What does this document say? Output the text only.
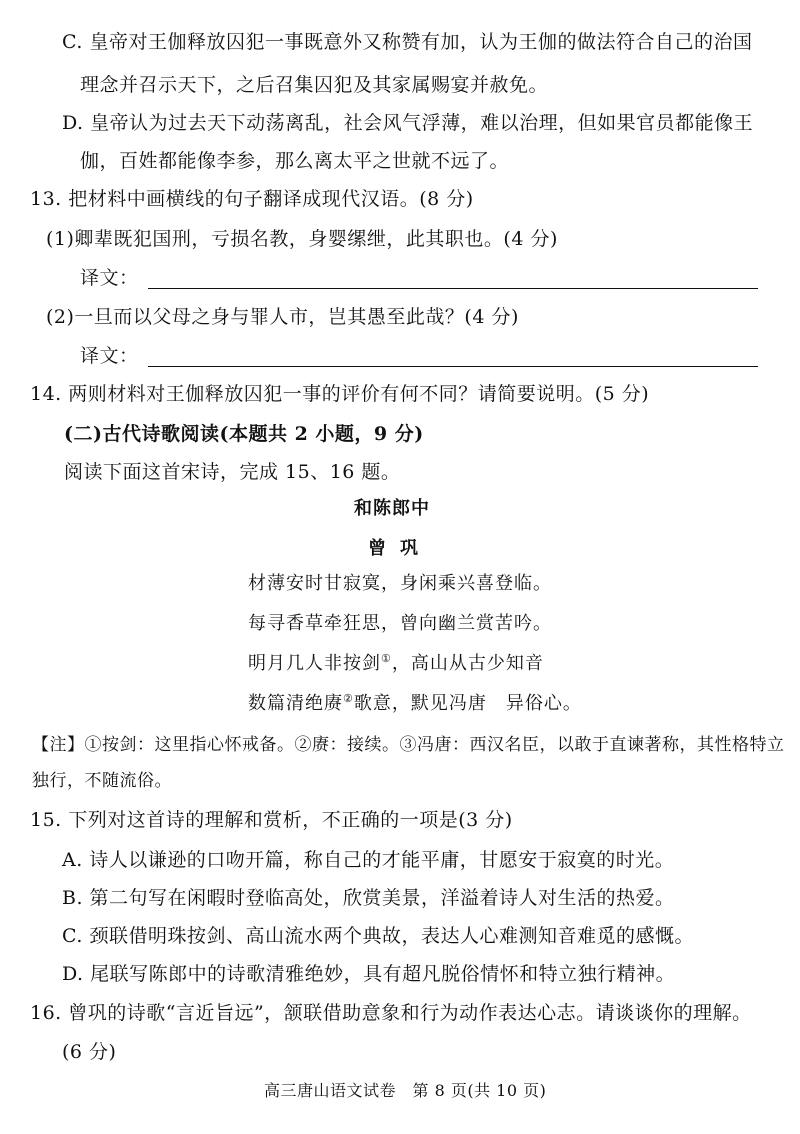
C. 皇帝对王伽释放囚犯一事既意外又称赞有加，认为王伽的做法符合自己的治国
理念并召示天下，之后召集囚犯及其家属赐宴并赦免。
D. 皇帝认为过去天下动荡离乱，社会风气浮薄，难以治理，但如果官员都能像王
伽，百姓都能像李参，那么离太平之世就不远了。
13. 把材料中画横线的句子翻译成现代汉语。(8 分)
(1)卿辈既犯国刑，亏损名教，身婴缧绁，此其职也。(4 分)
译文：
(2)一旦而以父母之身与罪人市，岂其愚至此哉？(4 分)
译文：
14. 两则材料对王伽释放囚犯一事的评价有何不同？请简要说明。(5 分)
(二)古代诗歌阅读(本题共 2 小题，9 分)
阅读下面这首宋诗，完成 15、16 题。
和陈郎中
曾巩
材薄安时甘寂寞，身闲乘兴喜登临。
每寻香草牵狂思，曾向幽兰赏苦吟。
明月几人非按剑①，高山从古少知音
数篇清绝赓②歌意，默见冯唐　异俗心。
【注】①按剑：这里指心怀戒备。②赓：接续。③冯唐：西汉名臣，以敢于直谏著称，其性格特立
独行，不随流俗。
15. 下列对这首诗的理解和赏析，不正确的一项是(3 分)
A. 诗人以谦逊的口吻开篇，称自己的才能平庸，甘愿安于寂寞的时光。
B. 第二句写在闲暇时登临高处，欣赏美景，洋溢着诗人对生活的热爱。
C. 颈联借明珠按剑、高山流水两个典故，表达人心难测知音难觅的感慨。
D. 尾联写陈郎中的诗歌清雅绝妙，具有超凡脱俗情怀和特立独行精神。
16. 曾巩的诗歌“言近旨远”，颔联借助意象和行为动作表达心志。请谈谈你的理解。
(6 分)
高三唐山语文试卷　第 8 页(共 10 页)
